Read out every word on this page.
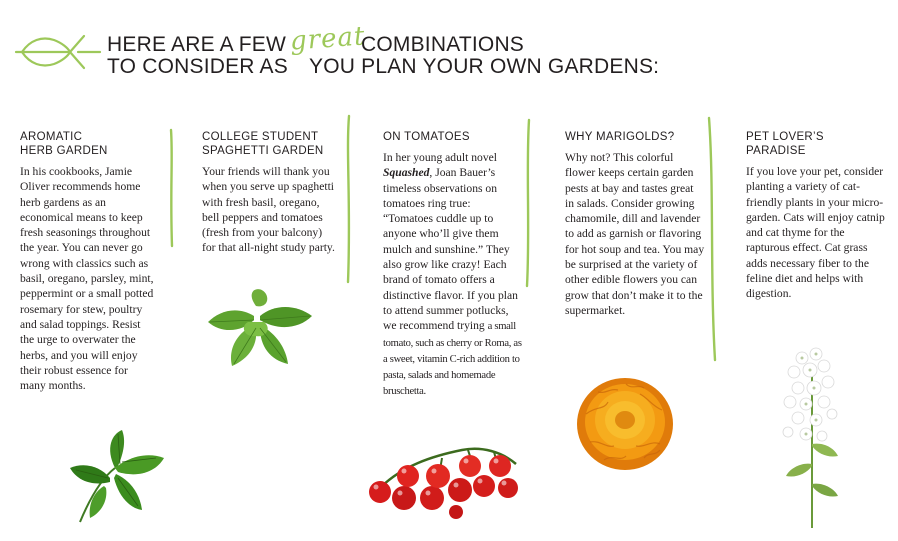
HERE ARE A FEW great
COMBINATIONS
TO CONSIDER AS YOU PLAN YOUR OWN GARDENS:
AROMATIC
HERB GARDEN

In his cookbooks, Jamie Oliver recommends home herb gardens as an economical means to keep fresh seasonings throughout the year. You can never go wrong with classics such as basil, oregano, parsley, mint, peppermint or a small potted rosemary for stew, poultry and salad toppings. Resist the urge to overwater the herbs, and you will enjoy their robust essence for many months.

COLLEGE STUDENT
SPAGHETTI GARDEN

Your friends will thank you when you serve up spaghetti with fresh basil, oregano, bell peppers and tomatoes (fresh from your balcony) for that all-night study party.

ON TOMATOES

In her young adult novel Squashed, Joan Bauer’s timeless observations on tomatoes ring true: “Tomatoes cuddle up to anyone who’ll give them mulch and sunshine.” They also grow like crazy! Each brand of tomato offers a distinctive flavor. If you plan to attend summer potlucks, we recommend trying a small tomato, such as cherry or Roma, as a sweet, vitamin C-rich addition to pasta, salads and homemade bruschetta.

WHY MARIGOLDS?

Why not? This colorful flower keeps certain garden pests at bay and tastes great in salads. Consider growing chamomile, dill and lavender to add as garnish or flavoring for hot soup and tea. You may be surprised at the variety of other edible flowers you can grow that don’t make it to the supermarket.

PET LOVER’S
PARADISE

If you love your pet, consider planting a variety of cat-friendly plants in your micro-garden. Cats will enjoy catnip and cat thyme for the rapturous effect. Cat grass adds necessary fiber to the feline diet and helps with digestion.
